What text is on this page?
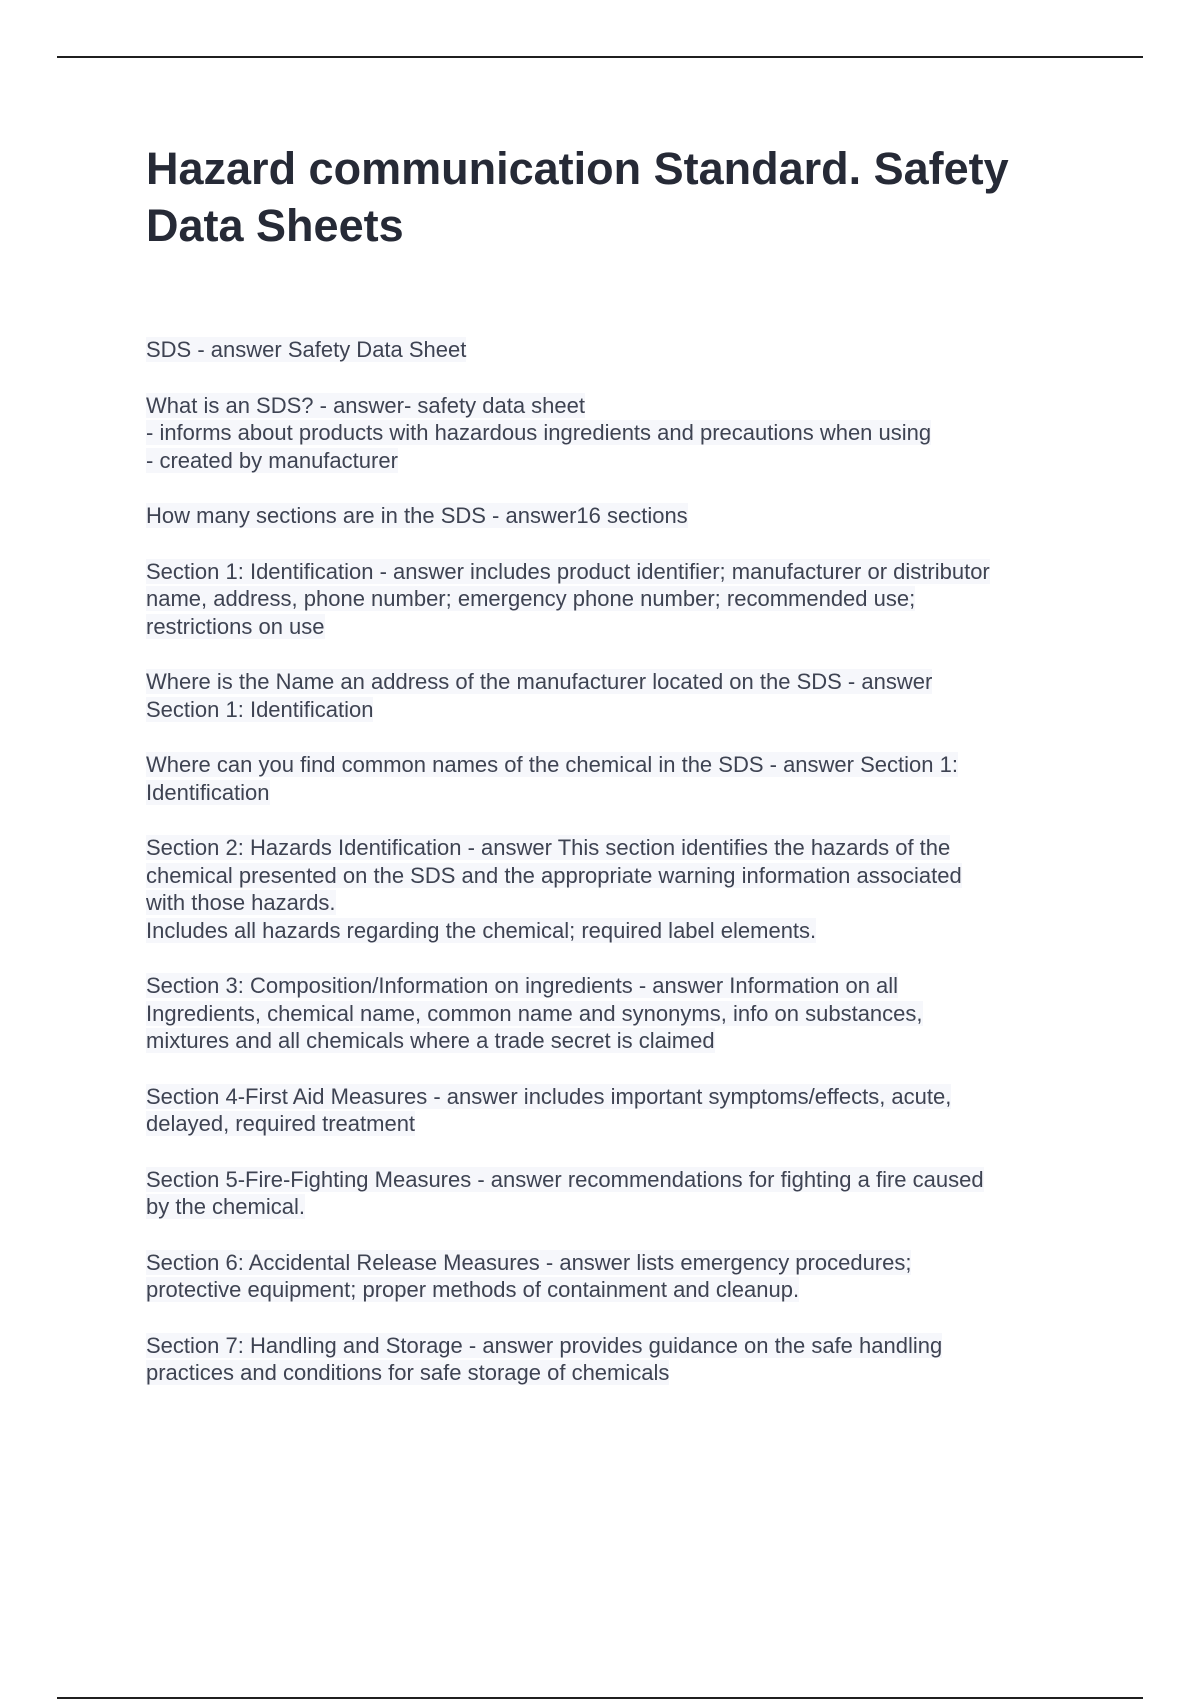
Hazard communication Standard. Safety Data Sheets
SDS - answer Safety Data Sheet
What is an SDS? - answer- safety data sheet
- informs about products with hazardous ingredients and precautions when using
- created by manufacturer
How many sections are in the SDS - answer16 sections
Section 1: Identification - answer includes product identifier; manufacturer or distributor
name, address, phone number; emergency phone number; recommended use;
restrictions on use
Where is the Name an address of the manufacturer located on the SDS - answer
Section 1: Identification
Where can you find common names of the chemical in the SDS - answer Section 1:
Identification
Section 2: Hazards Identification - answer This section identifies the hazards of the
chemical presented on the SDS and the appropriate warning information associated
with those hazards.
Includes all hazards regarding the chemical; required label elements.
Section 3: Composition/Information on ingredients - answer Information on all
Ingredients, chemical name, common name and synonyms, info on substances,
mixtures and all chemicals where a trade secret is claimed
Section 4-First Aid Measures - answer includes important symptoms/effects, acute,
delayed, required treatment
Section 5-Fire-Fighting Measures - answer recommendations for fighting a fire caused
by the chemical.
Section 6: Accidental Release Measures - answer lists emergency procedures;
protective equipment; proper methods of containment and cleanup.
Section 7: Handling and Storage - answer provides guidance on the safe handling
practices and conditions for safe storage of chemicals
